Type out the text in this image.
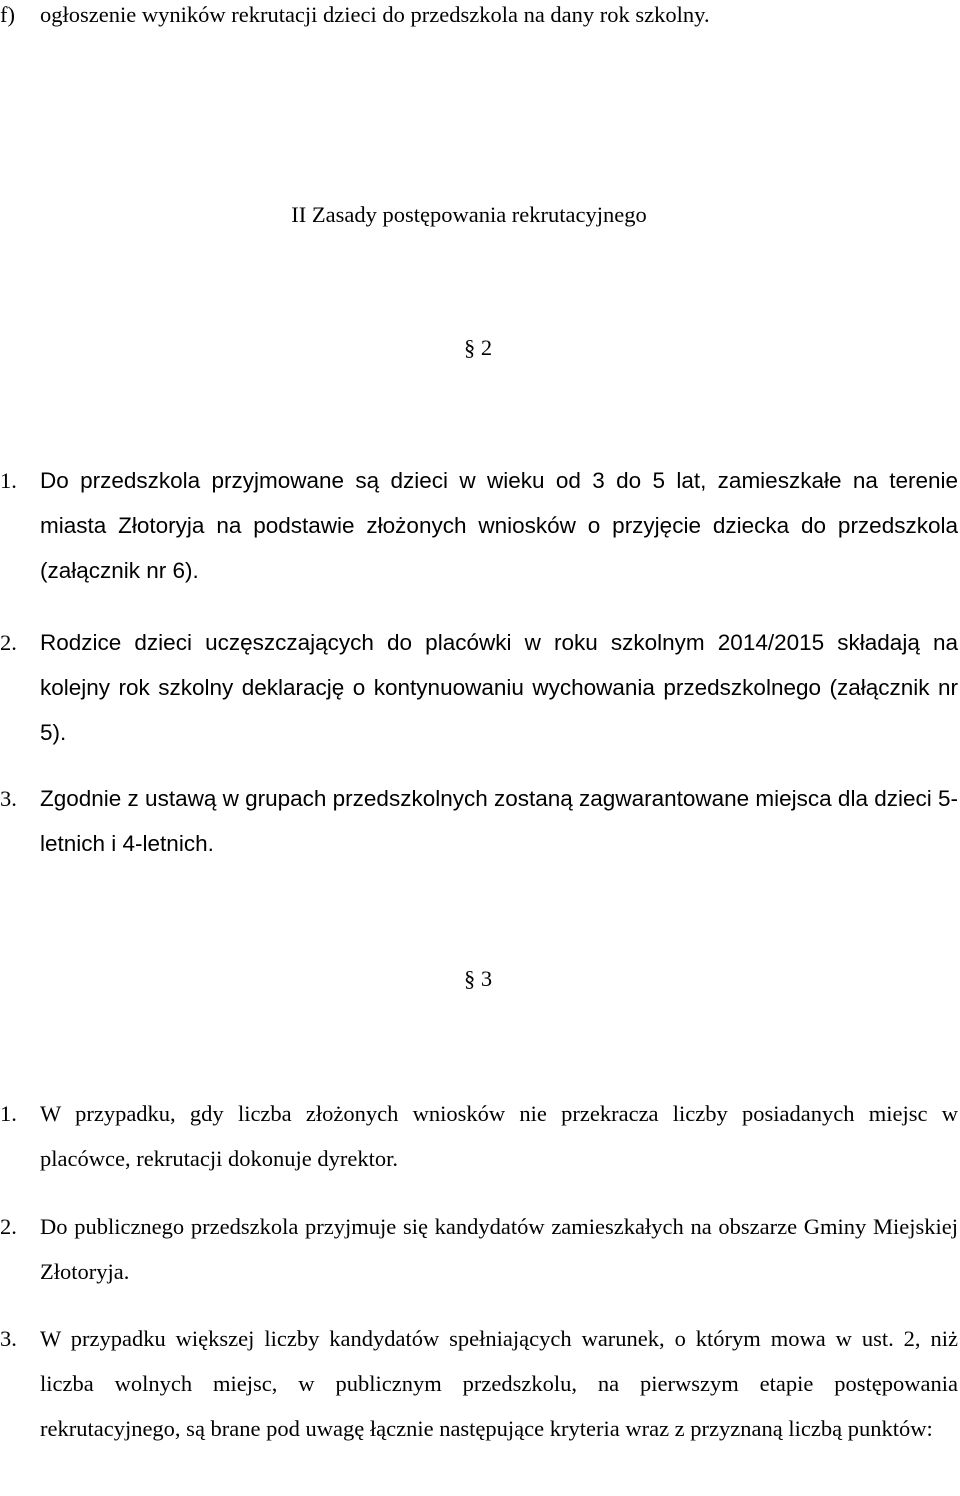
f)	ogłoszenie wyników rekrutacji dzieci do przedszkola na dany rok szkolny.
II Zasady postępowania rekrutacyjnego
§ 2
1.	Do przedszkola przyjmowane są dzieci w wieku od 3 do 5 lat, zamieszkałe na terenie miasta Złotoryja na podstawie złożonych wniosków o przyjęcie dziecka do przedszkola (załącznik nr 6).
2.	Rodzice dzieci uczęszczających do placówki w roku szkolnym 2014/2015 składają na kolejny rok szkolny deklarację o kontynuowaniu wychowania przedszkolnego (załącznik nr 5).
3.	Zgodnie z ustawą w grupach przedszkolnych zostaną zagwarantowane miejsca dla dzieci 5-letnich i 4-letnich.
§ 3
1.	W przypadku, gdy liczba złożonych wniosków nie przekracza liczby posiadanych miejsc w placówce, rekrutacji dokonuje dyrektor.
2.	Do publicznego przedszkola przyjmuje się kandydatów zamieszkałych na obszarze Gminy Miejskiej Złotoryja.
3.	W przypadku większej liczby kandydatów spełniających warunek, o którym mowa w ust. 2, niż liczba wolnych miejsc, w publicznym przedszkolu, na pierwszym etapie postępowania rekrutacyjnego, są brane pod uwagę łącznie następujące kryteria wraz z przyznaną liczbą punktów:
